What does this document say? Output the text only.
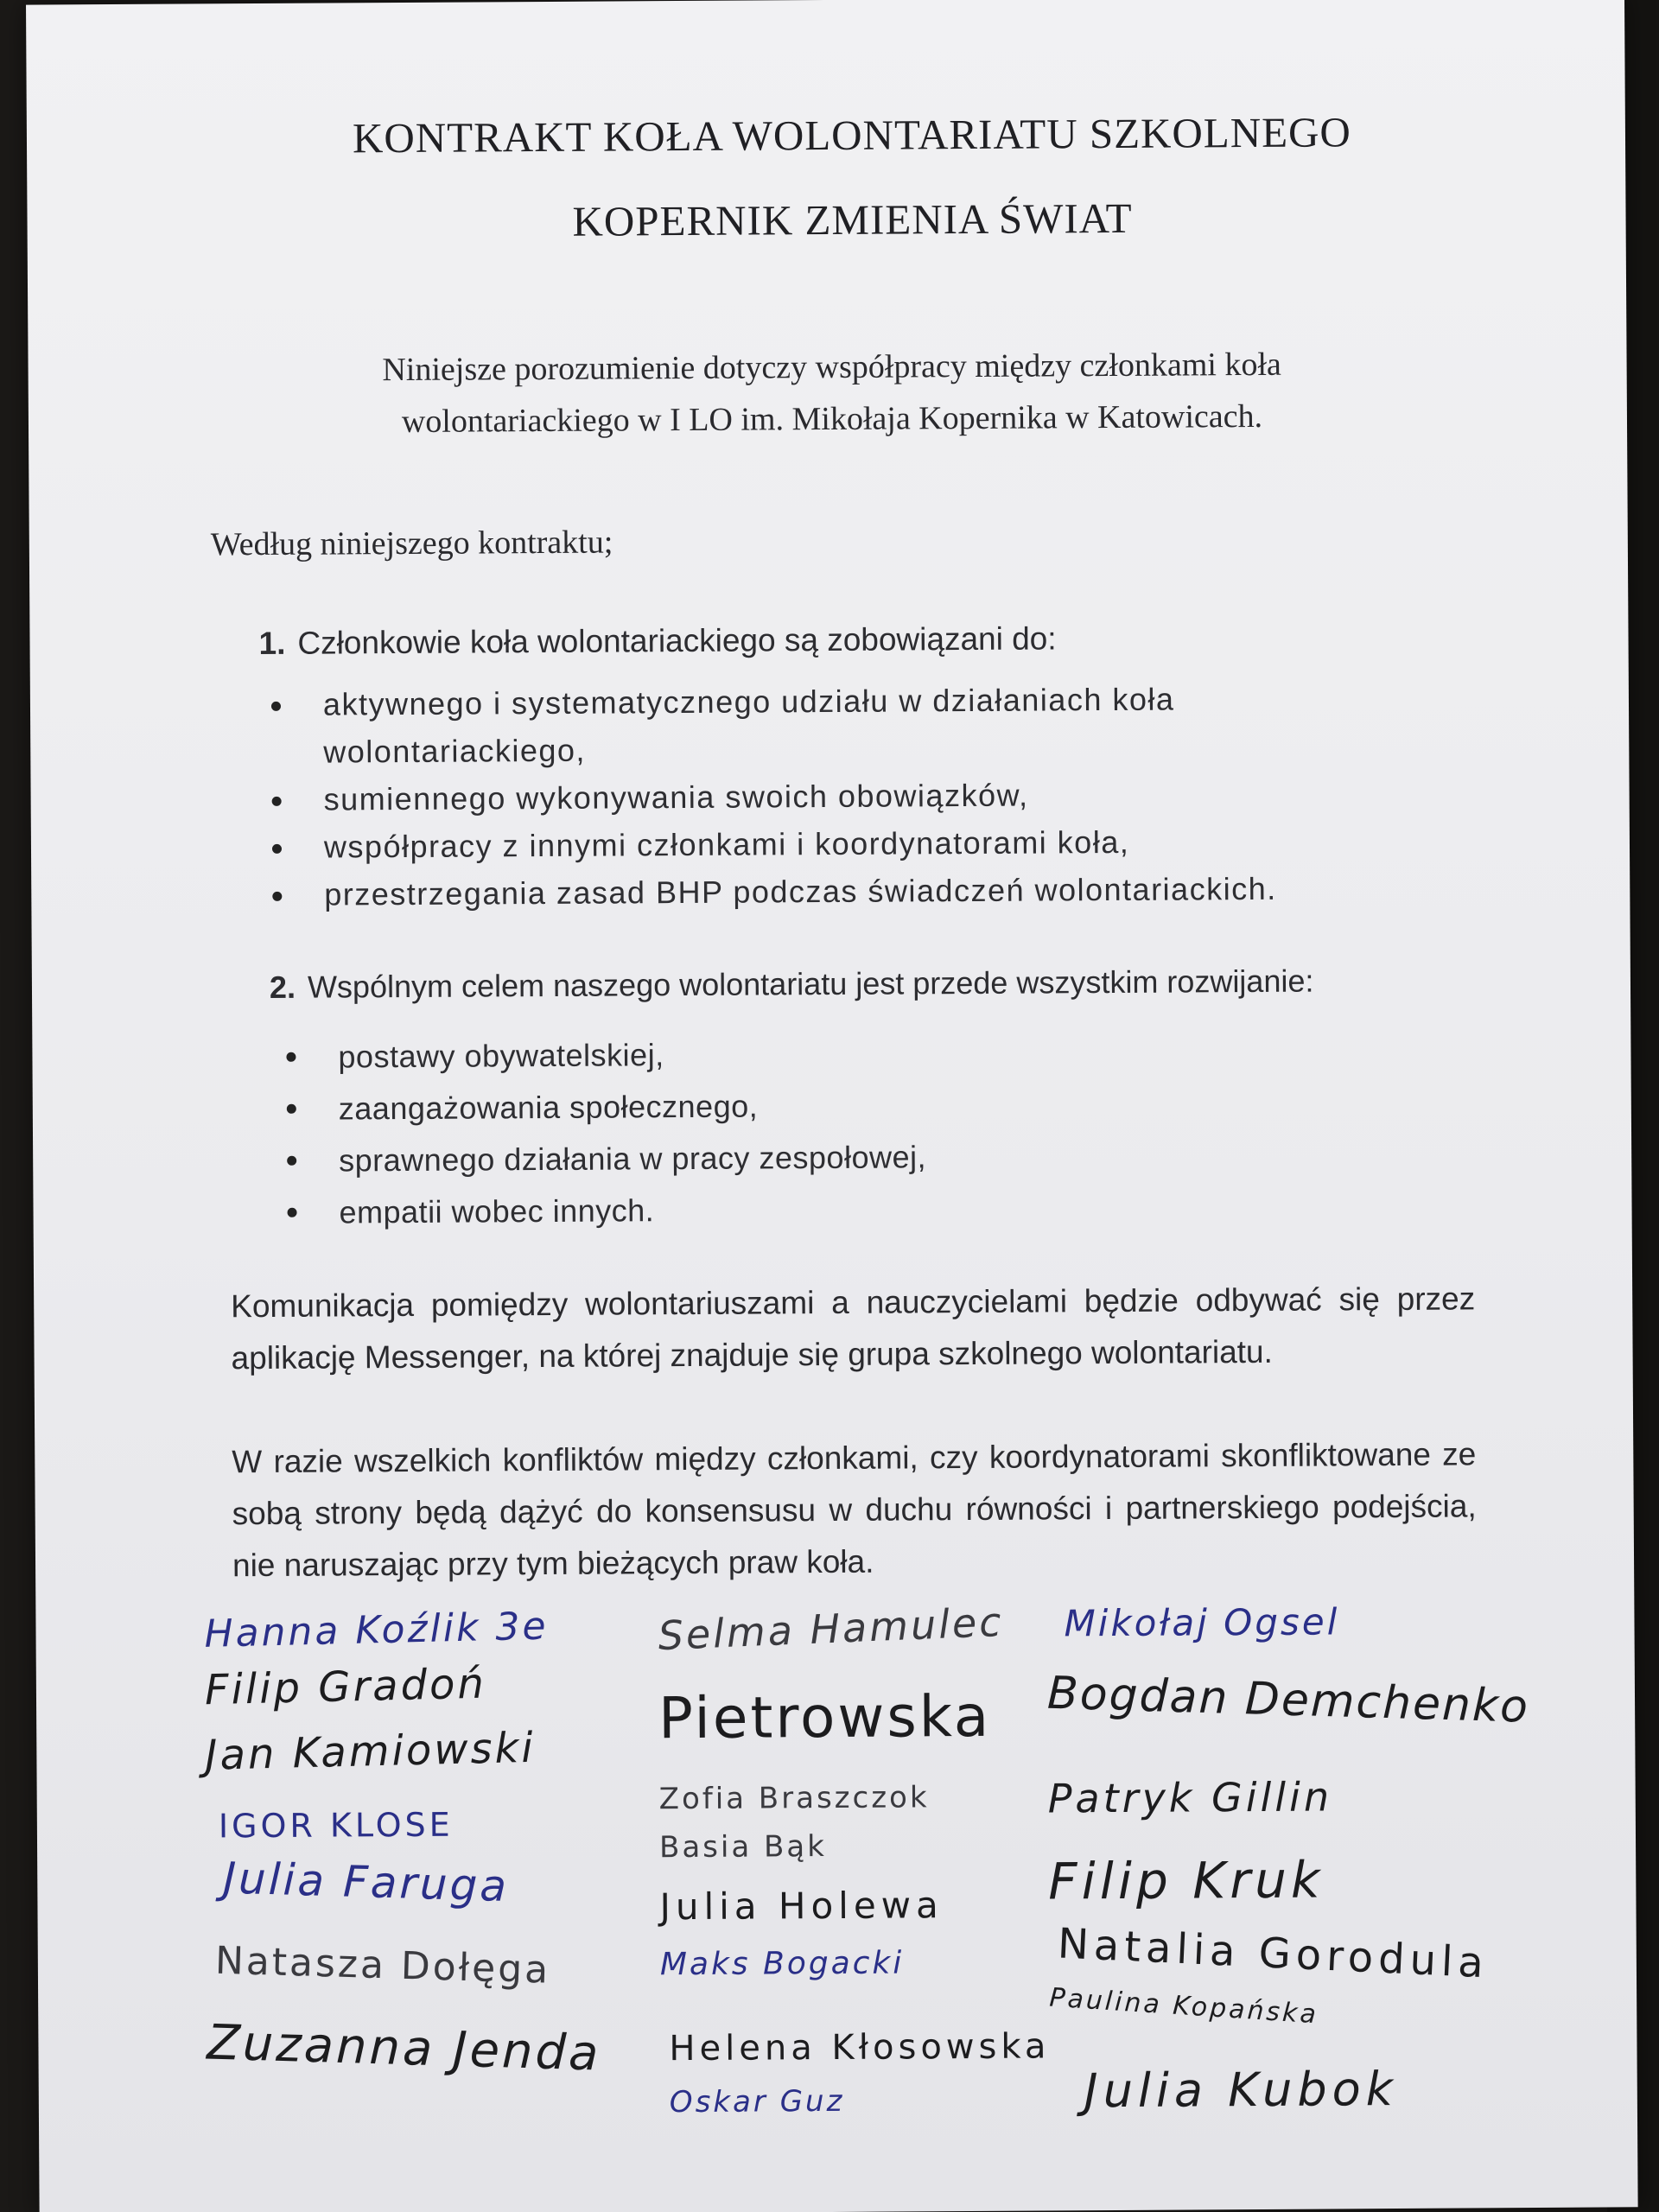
KONTRAKT KOŁA WOLONTARIATU SZKOLNEGO
KOPERNIK ZMIENIA ŚWIAT

Niniejsze porozumienie dotyczy współpracy między członkami koła
wolontariackiego w I LO im. Mikołaja Kopernika w Katowicach.

Według niniejszego kontraktu;

1. Członkowie koła wolontariackiego są zobowiązani do:

aktywnego i systematycznego udziału w działaniach koła wolontariackiego,
sumiennego wykonywania swoich obowiązków,
współpracy z innymi członkami i koordynatorami koła,
przestrzegania zasad BHP podczas świadczeń wolontariackich.

2. Wspólnym celem naszego wolontariatu jest przede wszystkim rozwijanie:

postawy obywatelskiej,
zaangażowania społecznego,
sprawnego działania w pracy zespołowej,
empatii wobec innych.

Komunikacja pomiędzy wolontariuszami a nauczycielami będzie odbywać się przez aplikację Messenger, na której znajduje się grupa szkolnego wolontariatu.

W razie wszelkich konfliktów między członkami, czy koordynatorami skonfliktowane ze sobą strony będą dążyć do konsensusu w duchu równości i partnerskiego podejścia, nie naruszając przy tym bieżących praw koła.

Hanna Koźlik 3e
Filip Gradoń
Jan Kamiowski
IGOR KLOSE
Julia Faruga
Natasza Dołęga
Zuzanna Jenda
Selma Hamulec
Pietrowska
Zofia Braszczok
Basia Bąk
Julia Holewa
Maks Bogacki
Helena Kłosowska
Oskar Guz
Mikołaj Ogsel
Bogdan Demchenko
Patryk Gillin
Filip Kruk
Natalia Gorodula
Paulina Kopańska
Julia Kubok
